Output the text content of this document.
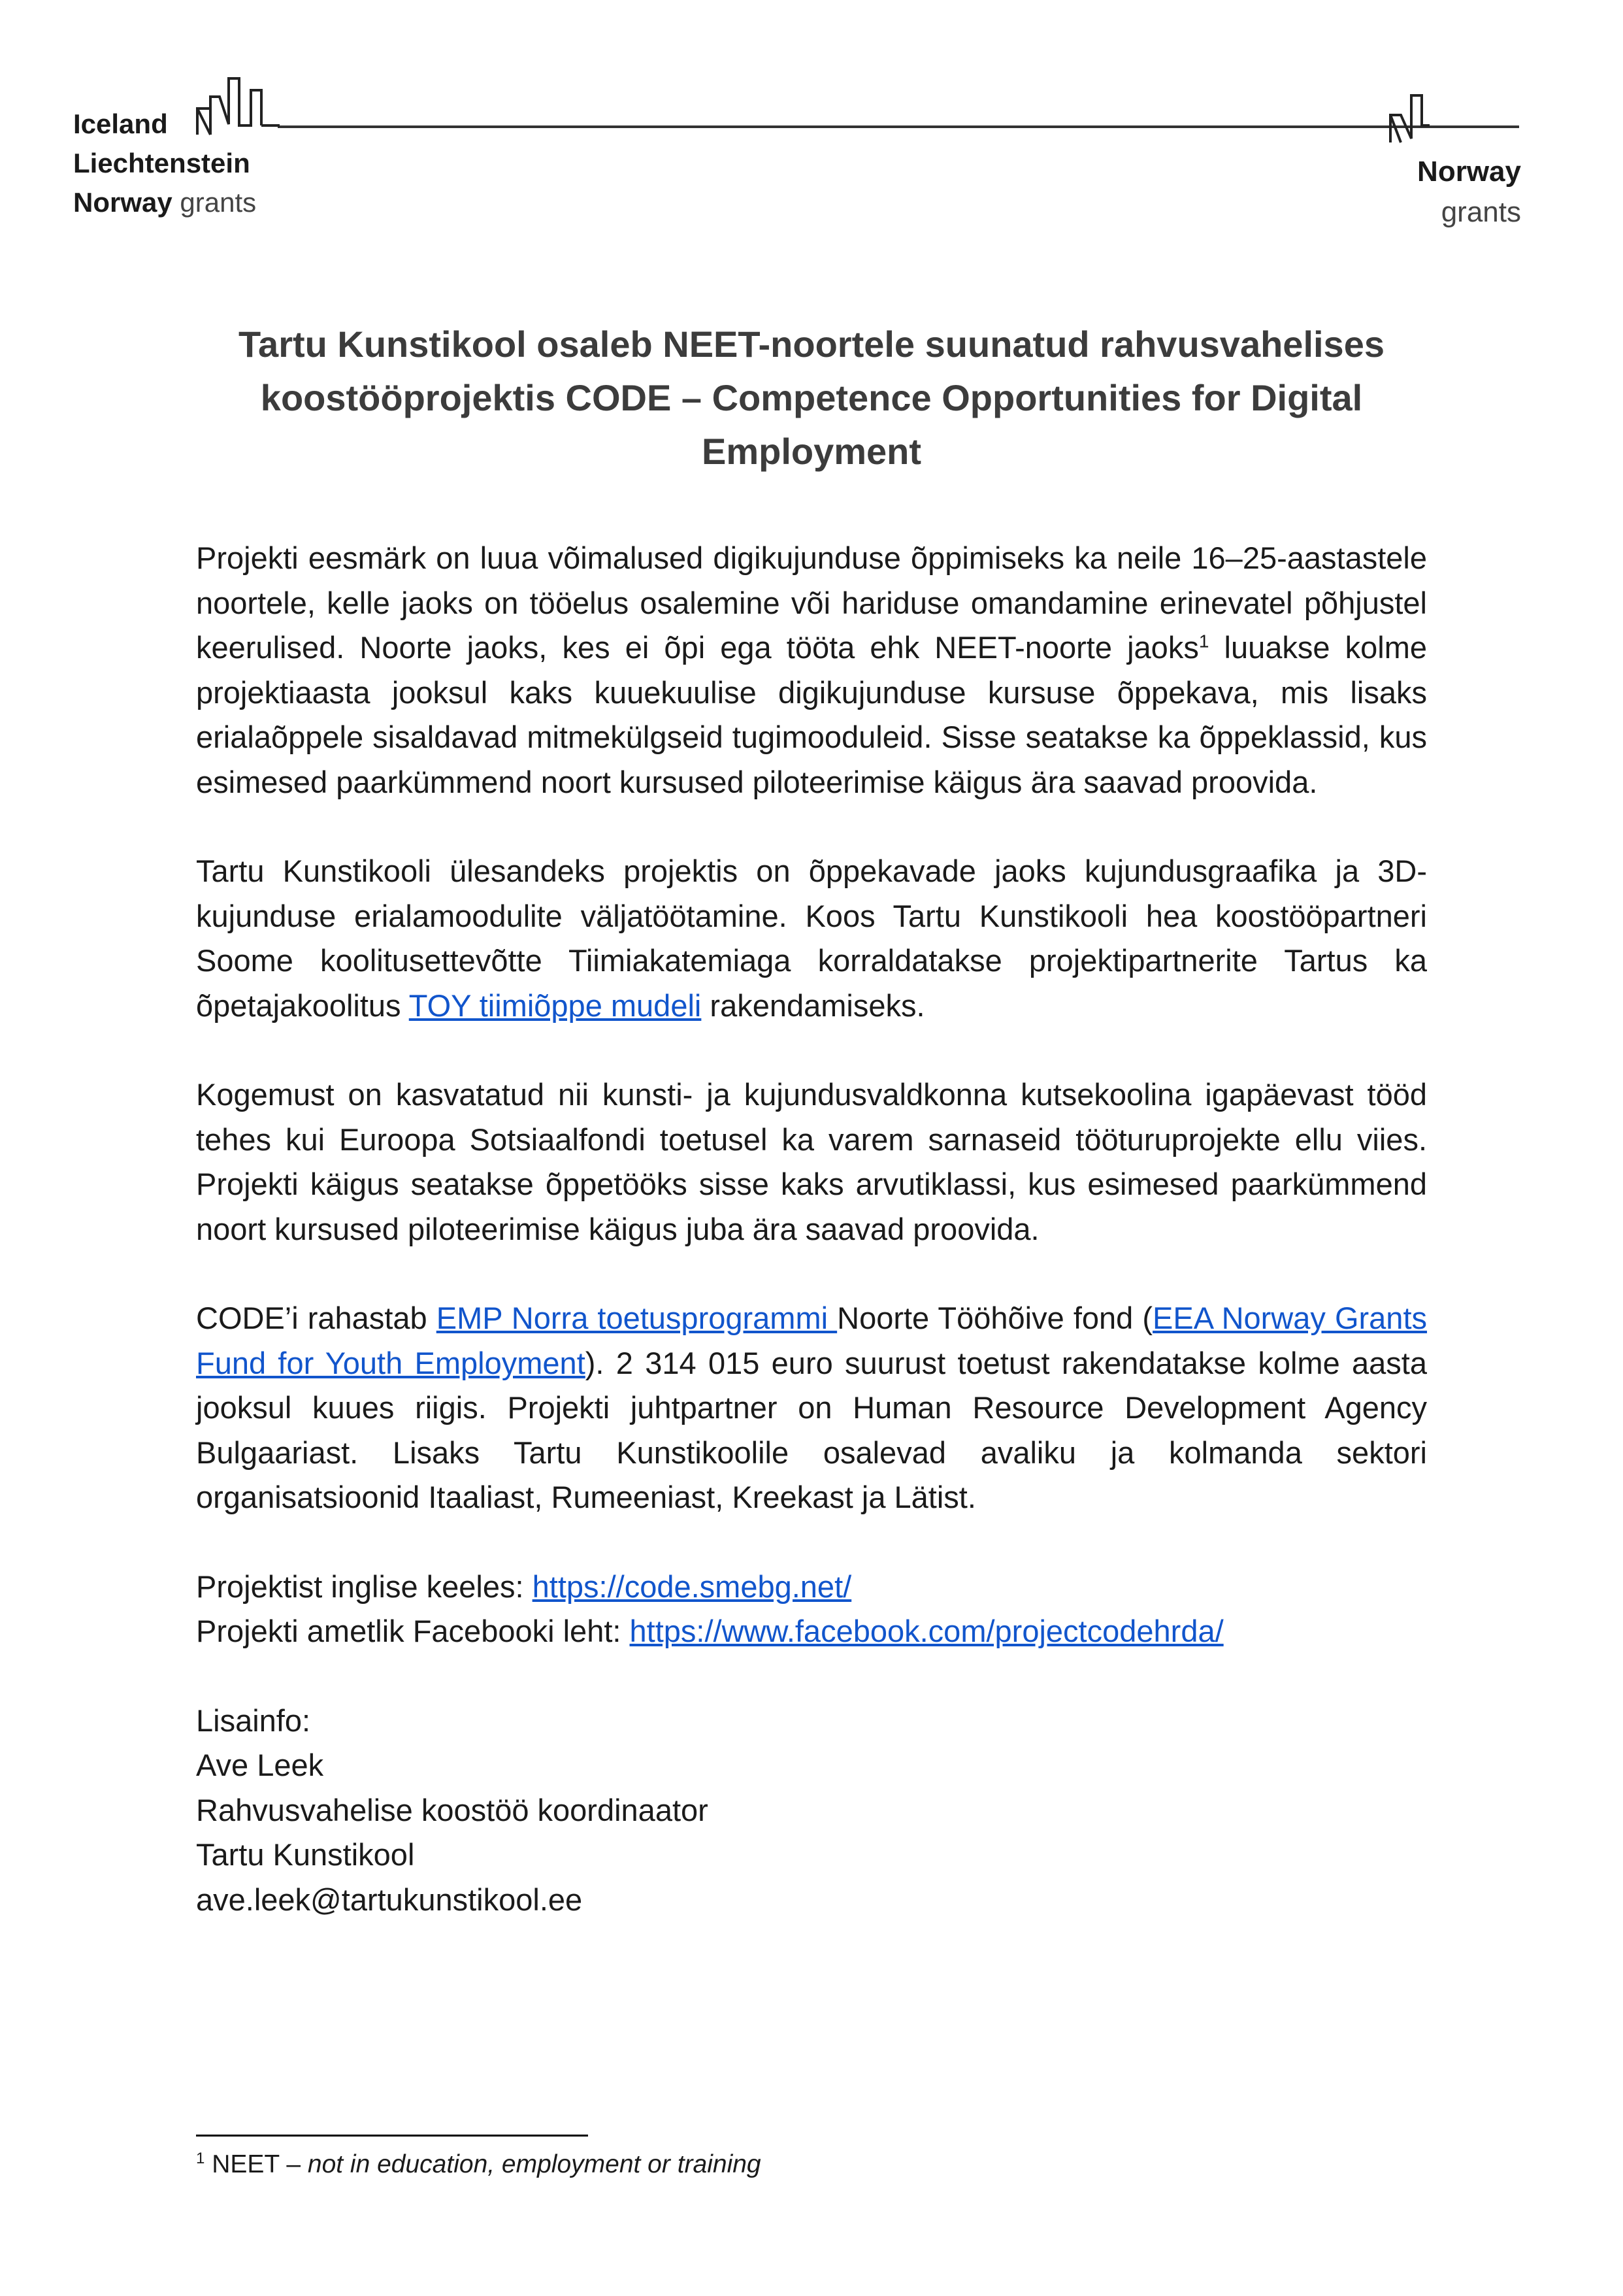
Iceland
Liechtenstein
Norway grants
Norway
grants
Tartu Kunstikool osaleb NEET-noortele suunatud rahvusvahelises
koostööprojektis CODE – Competence Opportunities for Digital
Employment

Projekti eesmärk on luua võimalused digikujunduse õppimiseks ka neile 16–25-aastastele noortele, kelle jaoks on tööelus osalemine või hariduse omandamine erinevatel põhjustel keerulised. Noorte jaoks, kes ei õpi ega tööta ehk NEET-noorte jaoks$^1$ luuakse kolme projektiaasta jooksul kaks kuuekuulise digikujunduse kursuse õppekava, mis lisaks erialaõppele sisaldavad mitmekülgseid tugimooduleid. Sisse seatakse ka õppeklassid, kus esimesed paarkümmend noort kursused piloteerimise käigus ära saavad proovida.

Tartu Kunstikooli ülesandeks projektis on õppekavade jaoks kujundusgraafika ja 3D-kujunduse erialamoodulite väljatöötamine. Koos Tartu Kunstikooli hea koostööpartneri Soome koolitusettevõtte Tiimiakatemiaga korraldatakse projektipartnerite Tartus ka õpetajakoolitus TOY tiimiõppe mudeli rakendamiseks.

Kogemust on kasvatatud nii kunsti- ja kujundusvaldkonna kutsekoolina igapäevast tööd tehes kui Euroopa Sotsiaalfondi toetusel ka varem sarnaseid tööturuprojekte ellu viies. Projekti käigus seatakse õppetööks sisse kaks arvutiklassi, kus esimesed paarkümmend noort kursused piloteerimise käigus juba ära saavad proovida.

CODE’i rahastab EMP Norra toetusprogrammi Noorte Tööhõive fond (EEA Norway Grants Fund for Youth Employment). 2 314 015 euro suurust toetust rakendatakse kolme aasta jooksul kuues riigis. Projekti juhtpartner on Human Resource Development Agency Bulgaariast. Lisaks Tartu Kunstikoolile osalevad avaliku ja kolmanda sektori organisatsioonid Itaaliast, Rumeeniast, Kreekast ja Lätist.

Projektist inglise keeles: https://code.smebg.net/
Projekti ametlik Facebooki leht: https://www.facebook.com/projectcodehrda/

Lisainfo:
Ave Leek
Rahvusvahelise koostöö koordinaator
Tartu Kunstikool
ave.leek@tartukunstikool.ee

$^1$ NEET – not in education, employment or training
